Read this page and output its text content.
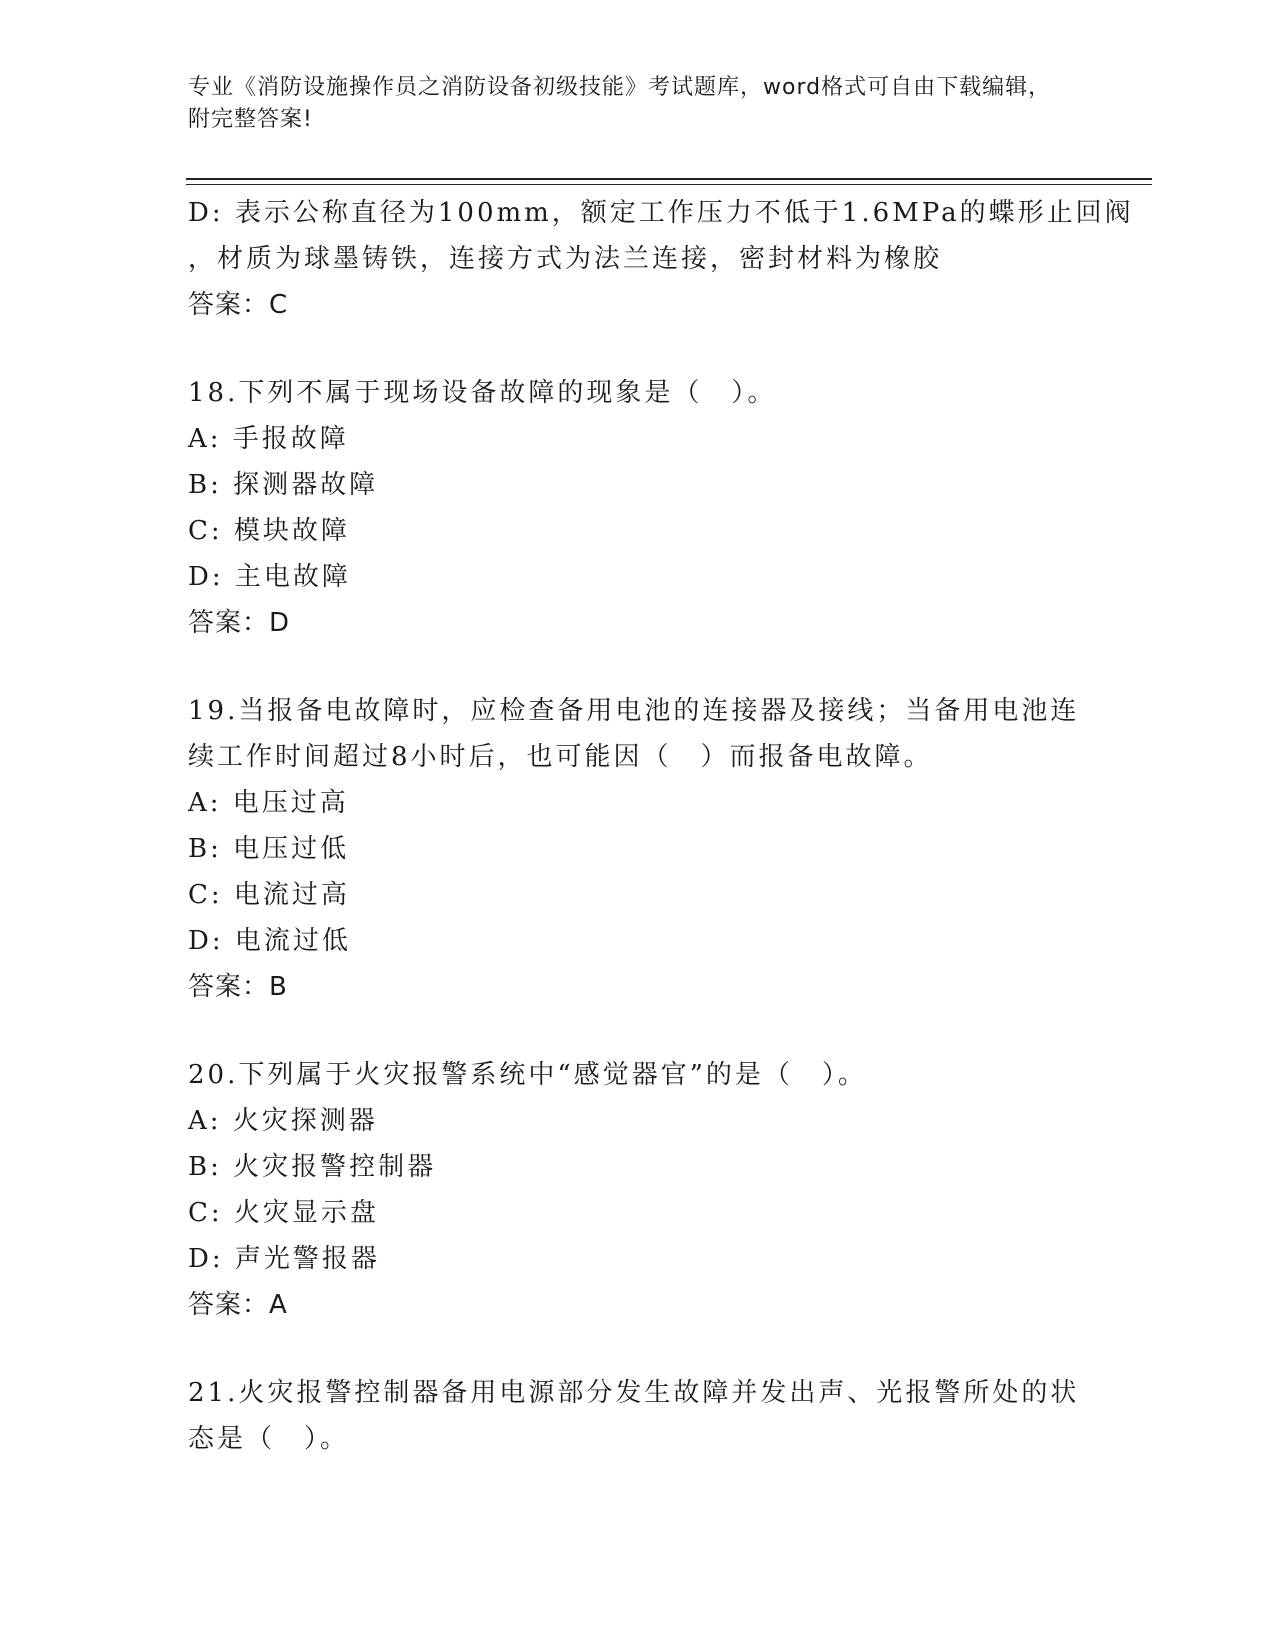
专业《消防设施操作员之消防设备初级技能》考试题库，word格式可自由下载编辑，附完整答案!
D: 表示公称直径为100mm，额定工作压力不低于1.6MPa的蝶形止回阀
，材质为球墨铸铁，连接方式为法兰连接，密封材料为橡胶
答案：C
18.下列不属于现场设备故障的现象是（　）。
A: 手报故障
B: 探测器故障
C: 模块故障
D: 主电故障
答案：D
19.当报备电故障时，应检查备用电池的连接器及接线；当备用电池连
续工作时间超过8小时后，也可能因（　）而报备电故障。
A: 电压过高
B: 电压过低
C: 电流过高
D: 电流过低
答案：B
20.下列属于火灾报警系统中“感觉器官”的是（　）。
A: 火灾探测器
B: 火灾报警控制器
C: 火灾显示盘
D: 声光警报器
答案：A
21.火灾报警控制器备用电源部分发生故障并发出声、光报警所处的状
态是（　）。
